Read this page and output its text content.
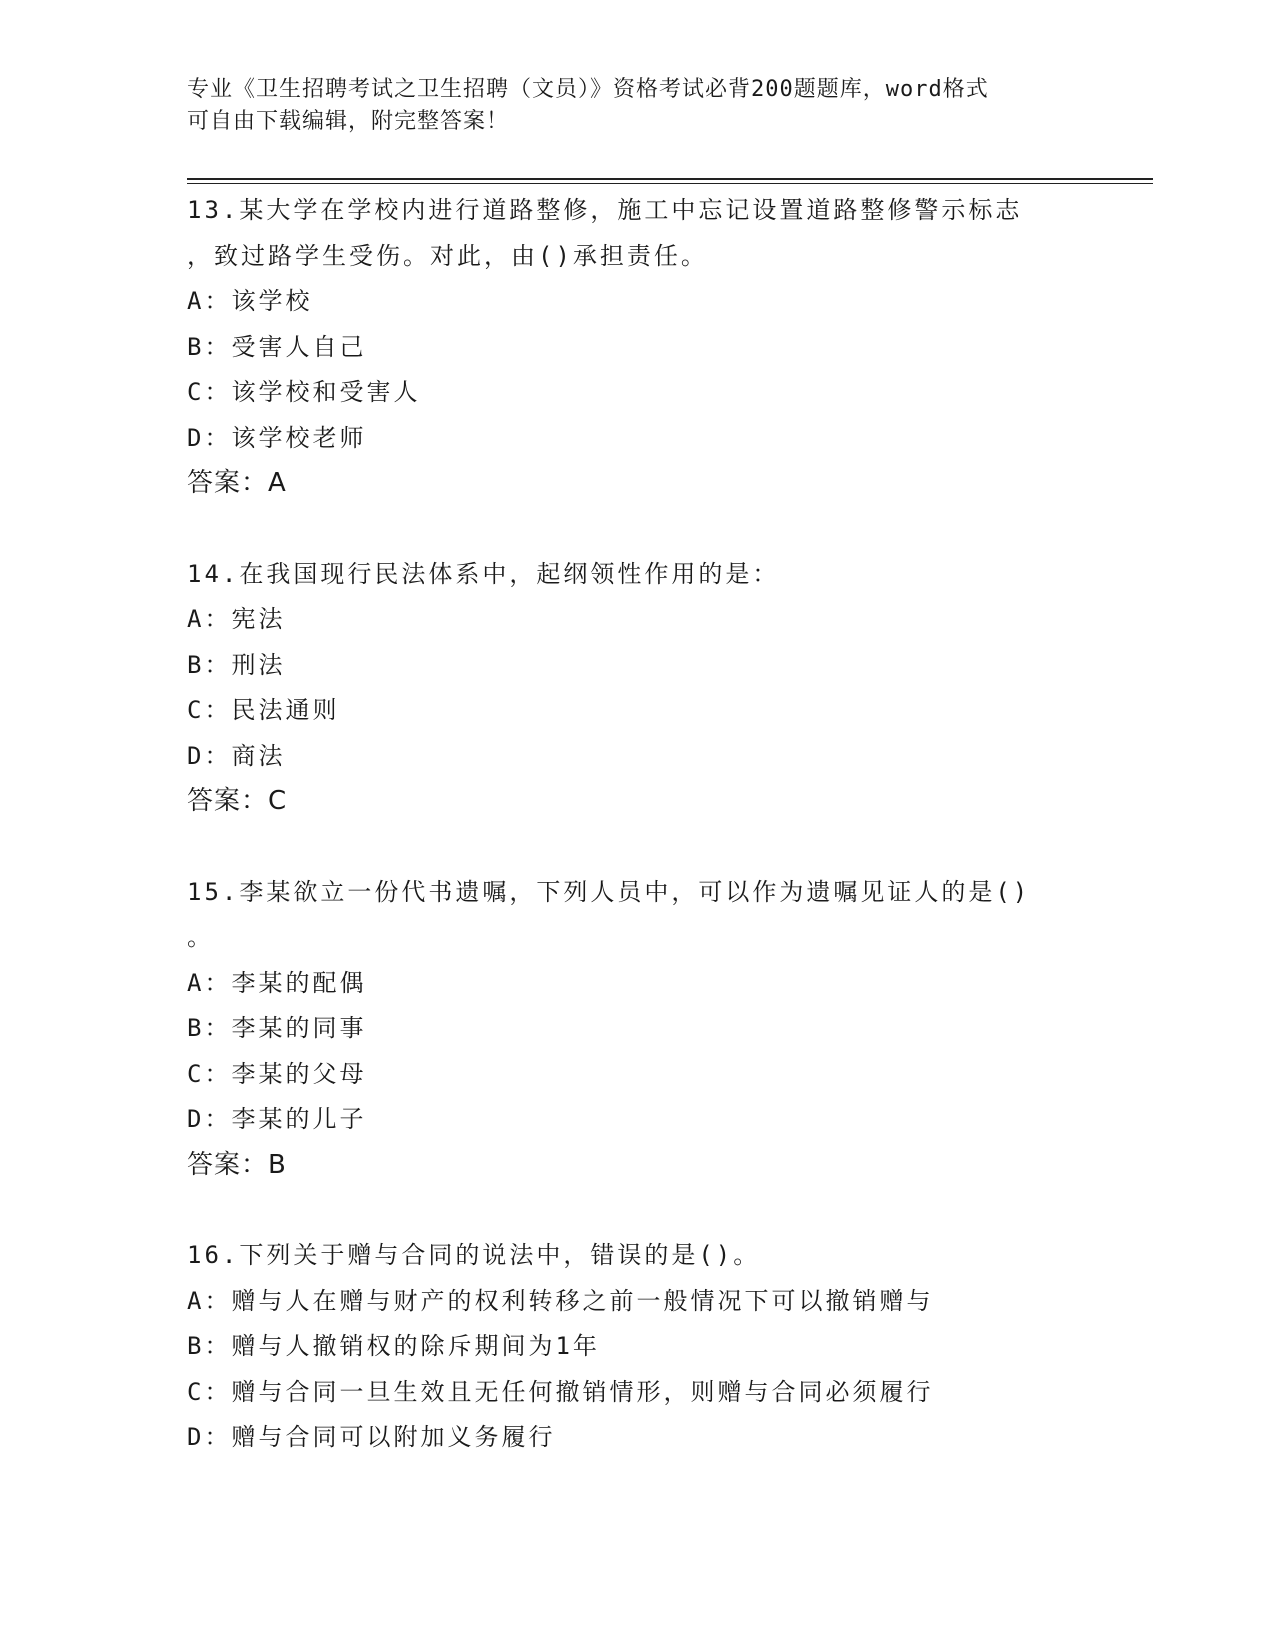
专业《卫生招聘考试之卫生招聘（文员）》资格考试必背200题题库，word格式

可自由下载编辑，附完整答案！

13.某大学在学校内进行道路整修，施工中忘记设置道路整修警示标志
，致过路学生受伤。对此，由()承担责任。
A：该学校
B：受害人自己
C：该学校和受害人
D：该学校老师
答案：A
14.在我国现行民法体系中，起纲领性作用的是：
A：宪法
B：刑法
C：民法通则
D：商法
答案：C
15.李某欲立一份代书遗嘱，下列人员中，可以作为遗嘱见证人的是()
。
A：李某的配偶
B：李某的同事
C：李某的父母
D：李某的儿子
答案：B
16.下列关于赠与合同的说法中，错误的是()。
A：赠与人在赠与财产的权利转移之前一般情况下可以撤销赠与
B：赠与人撤销权的除斥期间为1年
C：赠与合同一旦生效且无任何撤销情形，则赠与合同必须履行
D：赠与合同可以附加义务履行
